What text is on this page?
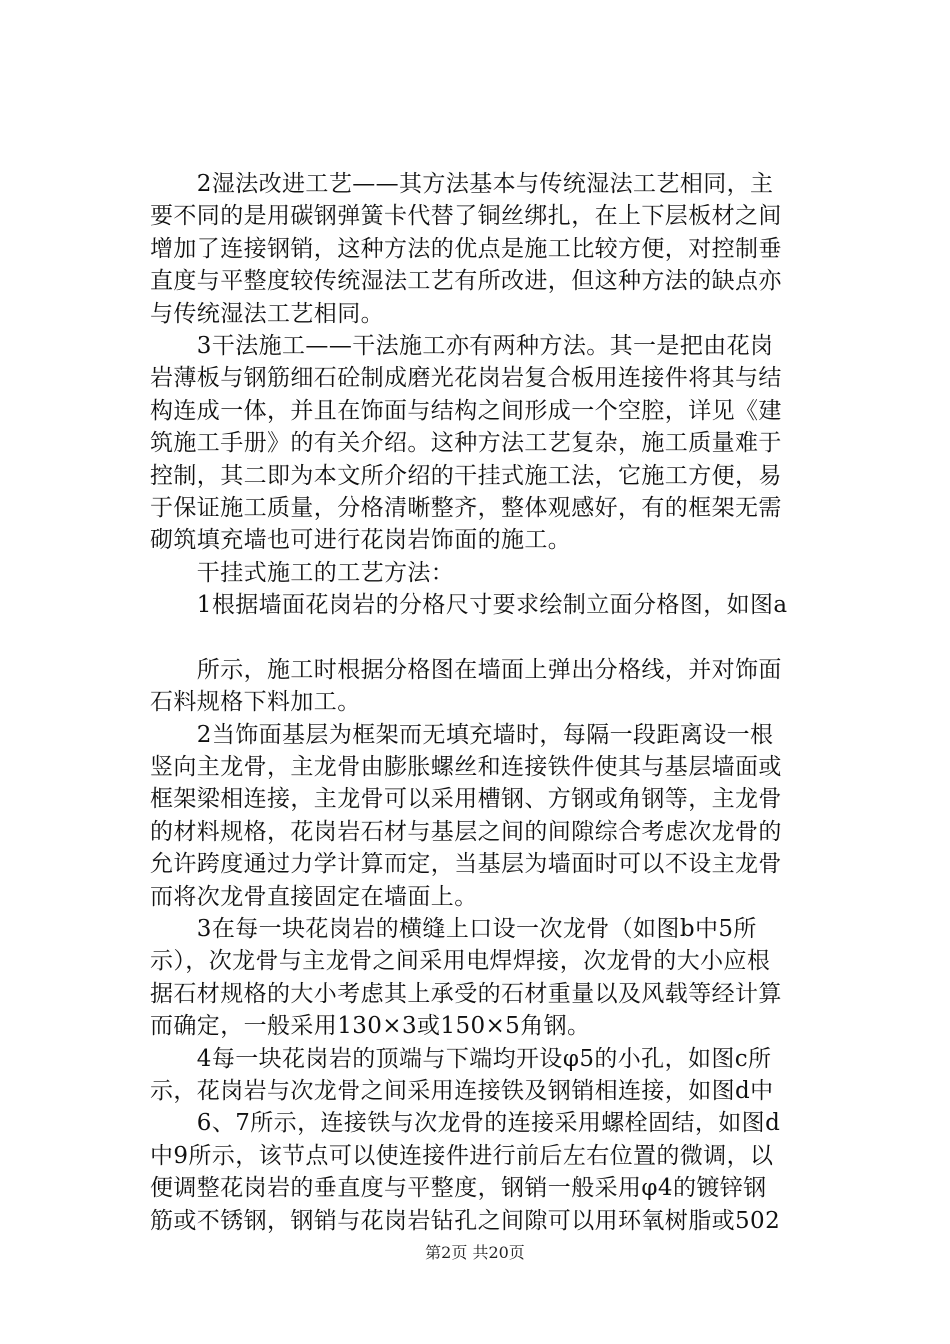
　　2湿法改进工艺——其方法基本与传统湿法工艺相同，主
要不同的是用碳钢弹簧卡代替了铜丝绑扎，在上下层板材之间
增加了连接钢销，这种方法的优点是施工比较方便，对控制垂
直度与平整度较传统湿法工艺有所改进，但这种方法的缺点亦
与传统湿法工艺相同。
　　3干法施工——干法施工亦有两种方法。其一是把由花岗
岩薄板与钢筋细石砼制成磨光花岗岩复合板用连接件将其与结
构连成一体，并且在饰面与结构之间形成一个空腔，详见《建
筑施工手册》的有关介绍。这种方法工艺复杂，施工质量难于
控制，其二即为本文所介绍的干挂式施工法，它施工方便，易
于保证施工质量，分格清晰整齐，整体观感好，有的框架无需
砌筑填充墙也可进行花岗岩饰面的施工。
　　干挂式施工的工艺方法：
　　1根据墙面花岗岩的分格尺寸要求绘制立面分格图，如图a
　　所示，施工时根据分格图在墙面上弹出分格线，并对饰面
石料规格下料加工。
　　2当饰面基层为框架而无填充墙时，每隔一段距离设一根
竖向主龙骨，主龙骨由膨胀螺丝和连接铁件使其与基层墙面或
框架梁相连接，主龙骨可以采用槽钢、方钢或角钢等，主龙骨
的材料规格，花岗岩石材与基层之间的间隙综合考虑次龙骨的
允许跨度通过力学计算而定，当基层为墙面时可以不设主龙骨
而将次龙骨直接固定在墙面上。
　　3在每一块花岗岩的横缝上口设一次龙骨（如图b中5所
示），次龙骨与主龙骨之间采用电焊焊接，次龙骨的大小应根
据石材规格的大小考虑其上承受的石材重量以及风载等经计算
而确定，一般采用130×3或150×5角钢。
　　4每一块花岗岩的顶端与下端均开设φ5的小孔，如图c所
示，花岗岩与次龙骨之间采用连接铁及钢销相连接，如图d中
　　6、7所示，连接铁与次龙骨的连接采用螺栓固结，如图d
中9所示，该节点可以使连接件进行前后左右位置的微调，以
便调整花岗岩的垂直度与平整度，钢销一般采用φ4的镀锌钢
筋或不锈钢，钢销与花岗岩钻孔之间隙可以用环氧树脂或502
第2页 共20页
